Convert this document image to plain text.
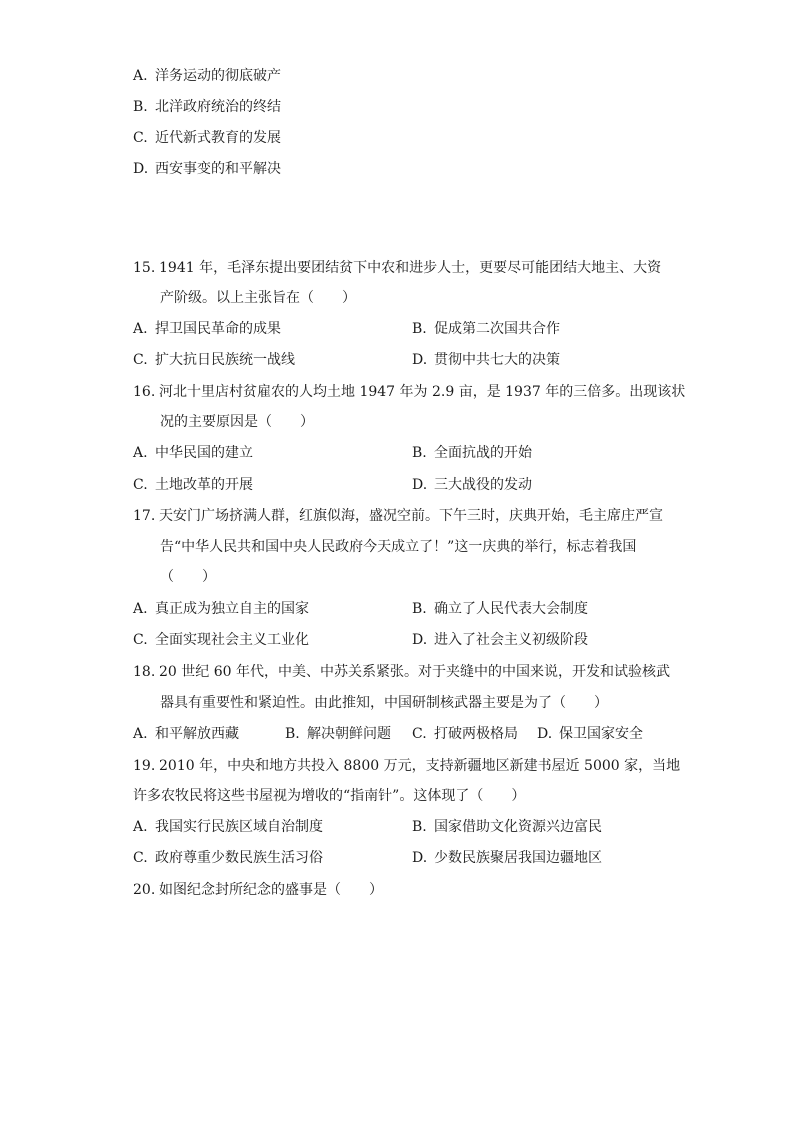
A. 洋务运动的彻底破产
B. 北洋政府统治的终结
C. 近代新式教育的发展
D. 西安事变的和平解决
15. 1941 年，毛泽东提出要团结贫下中农和进步人士，更要尽可能团结大地主、大资
产阶级。以上主张旨在（　　）
A. 捍卫国民革命的成果	B. 促成第二次国共合作
C. 扩大抗日民族统一战线	D. 贯彻中共七大的决策
16. 河北十里店村贫雇农的人均土地 1947 年为 2.9 亩，是 1937 年的三倍多。出现该状
况的主要原因是（　　）
A. 中华民国的建立	B. 全面抗战的开始
C. 土地改革的开展	D. 三大战役的发动
17. 天安门广场挤满人群，红旗似海，盛况空前。下午三时，庆典开始，毛主席庄严宣
告“中华人民共和国中央人民政府今天成立了！”这一庆典的举行，标志着我国
（　　）
A. 真正成为独立自主的国家	B. 确立了人民代表大会制度
C. 全面实现社会主义工业化	D. 进入了社会主义初级阶段
18. 20 世纪 60 年代，中美、中苏关系紧张。对于夹缝中的中国来说，开发和试验核武
器具有重要性和紧迫性。由此推知，中国研制核武器主要是为了（　　）
A. 和平解放西藏	B. 解决朝鲜问题 C. 打破两极格局 D. 保卫国家安全
19. 2010 年，中央和地方共投入 8800 万元，支持新疆地区新建书屋近 5000 家，当地
许多农牧民将这些书屋视为增收的“指南针”。这体现了（　　）
A. 我国实行民族区域自治制度	B. 国家借助文化资源兴边富民
C. 政府尊重少数民族生活习俗	D. 少数民族聚居我国边疆地区
20. 如图纪念封所纪念的盛事是（　　）
